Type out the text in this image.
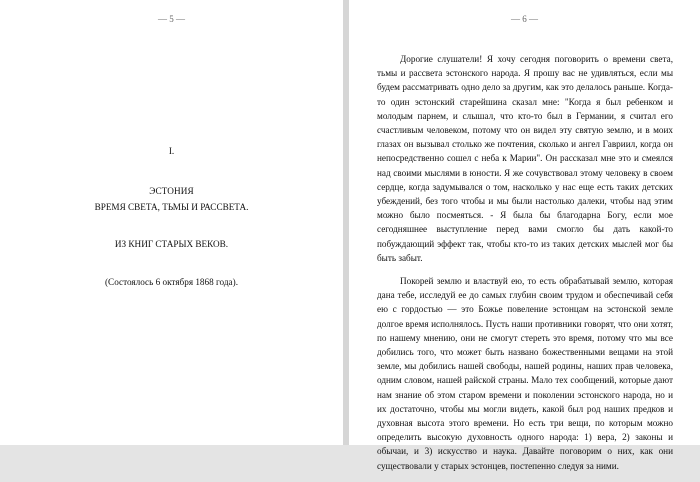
— 5 —
I.
ЭСТОНИЯ
ВРЕМЯ СВЕТА, ТЬМЫ И РАССВЕТА.
ИЗ КНИГ СТАРЫХ ВЕКОВ.
(Состоялось 6 октября 1868 года).
— 6 —

Дорогие слушатели! Я хочу сегодня поговорить о времени света, тьмы и рассвета эстонского народа. Я прошу вас не удивляться, если мы будем рассматривать одно дело за другим, как это делалось раньше. Когда-то один эстонский старейшина сказал мне: "Когда я был ребенком и молодым парнем, и слышал, что кто-то был в Германии, я считал его счастливым человеком, потому что он видел эту святую землю, и в моих глазах он вызывал столько же почтения, сколько и ангел Гавриил, когда он непосредственно сошел с неба к Марии". Он рассказал мне это и смеялся над своими мыслями в юности. Я же сочувствовал этому человеку в своем сердце, когда задумывался о том, насколько у нас еще есть таких детских убеждений, без того чтобы и мы были настолько далеки, чтобы над этим можно было посмеяться. - Я была бы благодарна Богу, если мое сегодняшнее выступление перед вами смогло бы дать какой-то побуждающий эффект так, чтобы кто-то из таких детских мыслей мог бы быть забыт.

Покорей землю и властвуй ею, то есть обрабатывай землю, которая дана тебе, исследуй ее до самых глубин своим трудом и обеспечивай себя ею с гордостью — это Божье повеление эстонцам на эстонской земле долгое время исполнялось. Пусть наши противники говорят, что они хотят, по нашему мнению, они не смогут стереть это время, потому что мы все добились того, что может быть названо божественными вещами на этой земле, мы добились нашей свободы, нашей родины, наших прав человека, одним словом, нашей райской страны. Мало тех сообщений, которые дают нам знание об этом старом времени и поколении эстонского народа, но и их достаточно, чтобы мы могли видеть, какой был род наших предков и духовная высота этого времени. Но есть три вещи, по которым можно определить высокую духовность одного народа: 1) вера, 2) законы и обычаи, и 3) искусство и наука. Давайте поговорим о них, как они существовали у старых эстонцев, постепенно следуя за ними.
